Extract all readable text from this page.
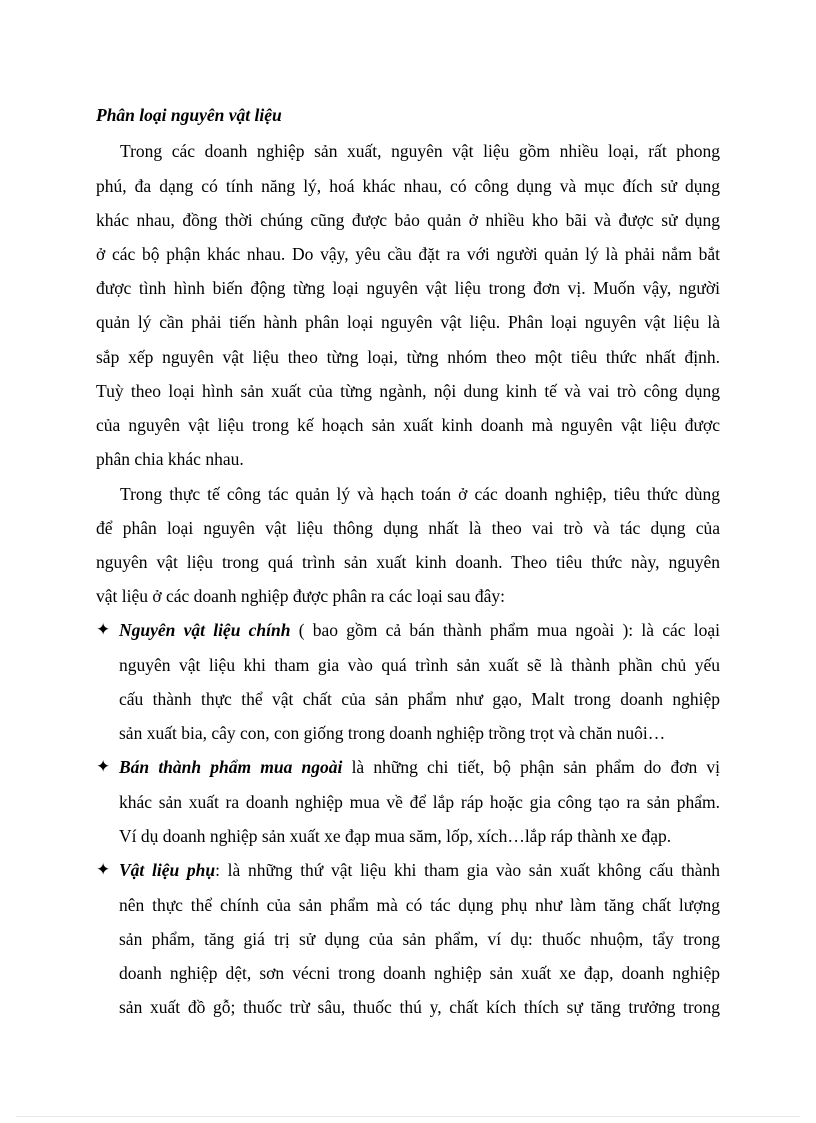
Phân loại nguyên vật liệu

Trong các doanh nghiệp sản xuất, nguyên vật liệu gồm nhiều loại, rất phong

phú, đa dạng có tính năng lý, hoá khác nhau, có công dụng và mục đích sử dụng

khác nhau, đồng thời chúng cũng được bảo quản ở nhiều kho bãi và được sử dụng

ở các bộ phận khác nhau. Do vậy, yêu cầu đặt ra với người quản lý là phải nắm bắt

được tình hình biến động từng loại nguyên vật liệu trong đơn vị. Muốn vậy, người

quản lý cần phải tiến hành phân loại nguyên vật liệu. Phân loại nguyên vật liệu là

sắp xếp nguyên vật liệu theo từng loại, từng nhóm theo một tiêu thức nhất định.

Tuỳ theo loại hình sản xuất của từng ngành, nội dung kinh tế và vai trò công dụng

của nguyên vật liệu trong kế hoạch sản xuất kinh doanh mà nguyên vật liệu được

phân chia khác nhau.

Trong thực tế công tác quản lý và hạch toán ở các doanh nghiệp, tiêu thức dùng

để phân loại nguyên vật liệu thông dụng nhất là theo vai trò và tác dụng của

nguyên vật liệu trong quá trình sản xuất kinh doanh. Theo tiêu thức này, nguyên

vật liệu ở các doanh nghiệp được phân ra các loại sau đây:

✦ Nguyên vật liệu chính ( bao gồm cả bán thành phẩm mua ngoài ): là các loại

nguyên vật liệu khi tham gia vào quá trình sản xuất sẽ là thành phần chủ yếu

cấu thành thực thể vật chất của sản phẩm như gạo, Malt trong doanh nghiệp

sản xuất bia, cây con, con giống trong doanh nghiệp trồng trọt và chăn nuôi…

✦ Bán thành phẩm mua ngoài là những chi tiết, bộ phận sản phẩm do đơn vị

khác sản xuất ra doanh nghiệp mua về để lắp ráp hoặc gia công tạo ra sản phẩm.

Ví dụ doanh nghiệp sản xuất xe đạp mua săm, lốp, xích…lắp ráp thành xe đạp.

✦ Vật liệu phụ: là những thứ vật liệu khi tham gia vào sản xuất không cấu thành

nên thực thể chính của sản phẩm mà có tác dụng phụ như làm tăng chất lượng

sản phẩm, tăng giá trị sử dụng của sản phẩm, ví dụ: thuốc nhuộm, tẩy trong

doanh nghiệp dệt, sơn vécni trong doanh nghiệp sản xuất xe đạp, doanh nghiệp

sản xuất đồ gỗ; thuốc trừ sâu, thuốc thú y, chất kích thích sự tăng trưởng trong
